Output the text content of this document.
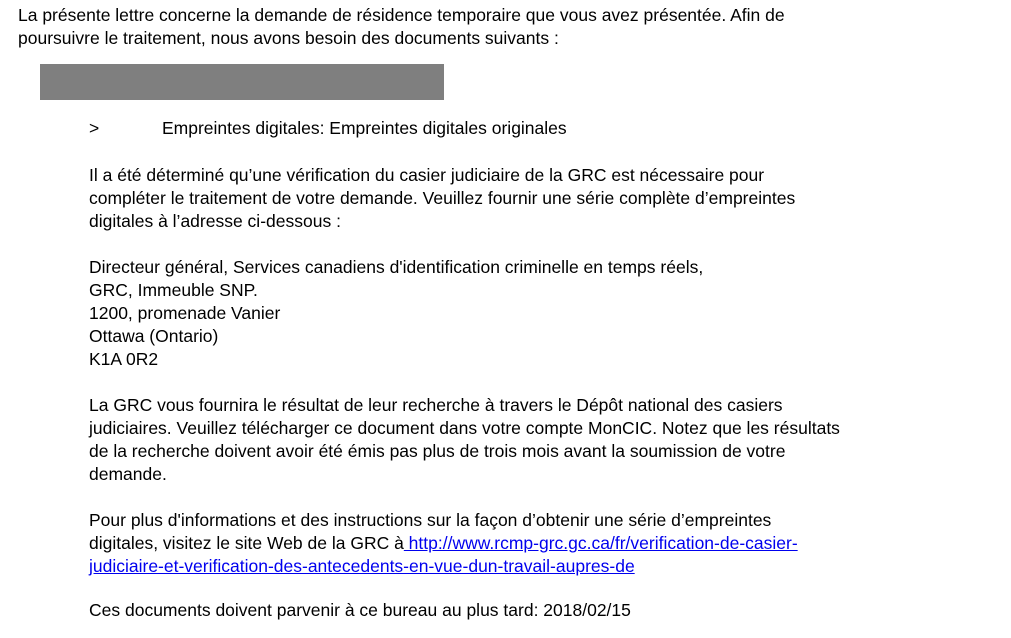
La présente lettre concerne la demande de résidence temporaire que vous avez présentée. Afin de
poursuivre le traitement, nous avons besoin des documents suivants :

>	Empreintes digitales: Empreintes digitales originales

Il a été déterminé qu’une vérification du casier judiciaire de la GRC est nécessaire pour
compléter le traitement de votre demande. Veuillez fournir une série complète d’empreintes
digitales à l’adresse ci-dessous :

Directeur général, Services canadiens d'identification criminelle en temps réels,
GRC, Immeuble SNP.
1200, promenade Vanier
Ottawa (Ontario)
K1A 0R2

La GRC vous fournira le résultat de leur recherche à travers le Dépôt national des casiers
judiciaires. Veuillez télécharger ce document dans votre compte MonCIC. Notez que les résultats
de la recherche doivent avoir été émis pas plus de trois mois avant la soumission de votre
demande.

Pour plus d'informations et des instructions sur la façon d’obtenir une série d’empreintes
digitales, visitez le site Web de la GRC à http://www.rcmp-grc.gc.ca/fr/verification-de-casier-
judiciaire-et-verification-des-antecedents-en-vue-dun-travail-aupres-de

Ces documents doivent parvenir à ce bureau au plus tard: 2018/02/15
